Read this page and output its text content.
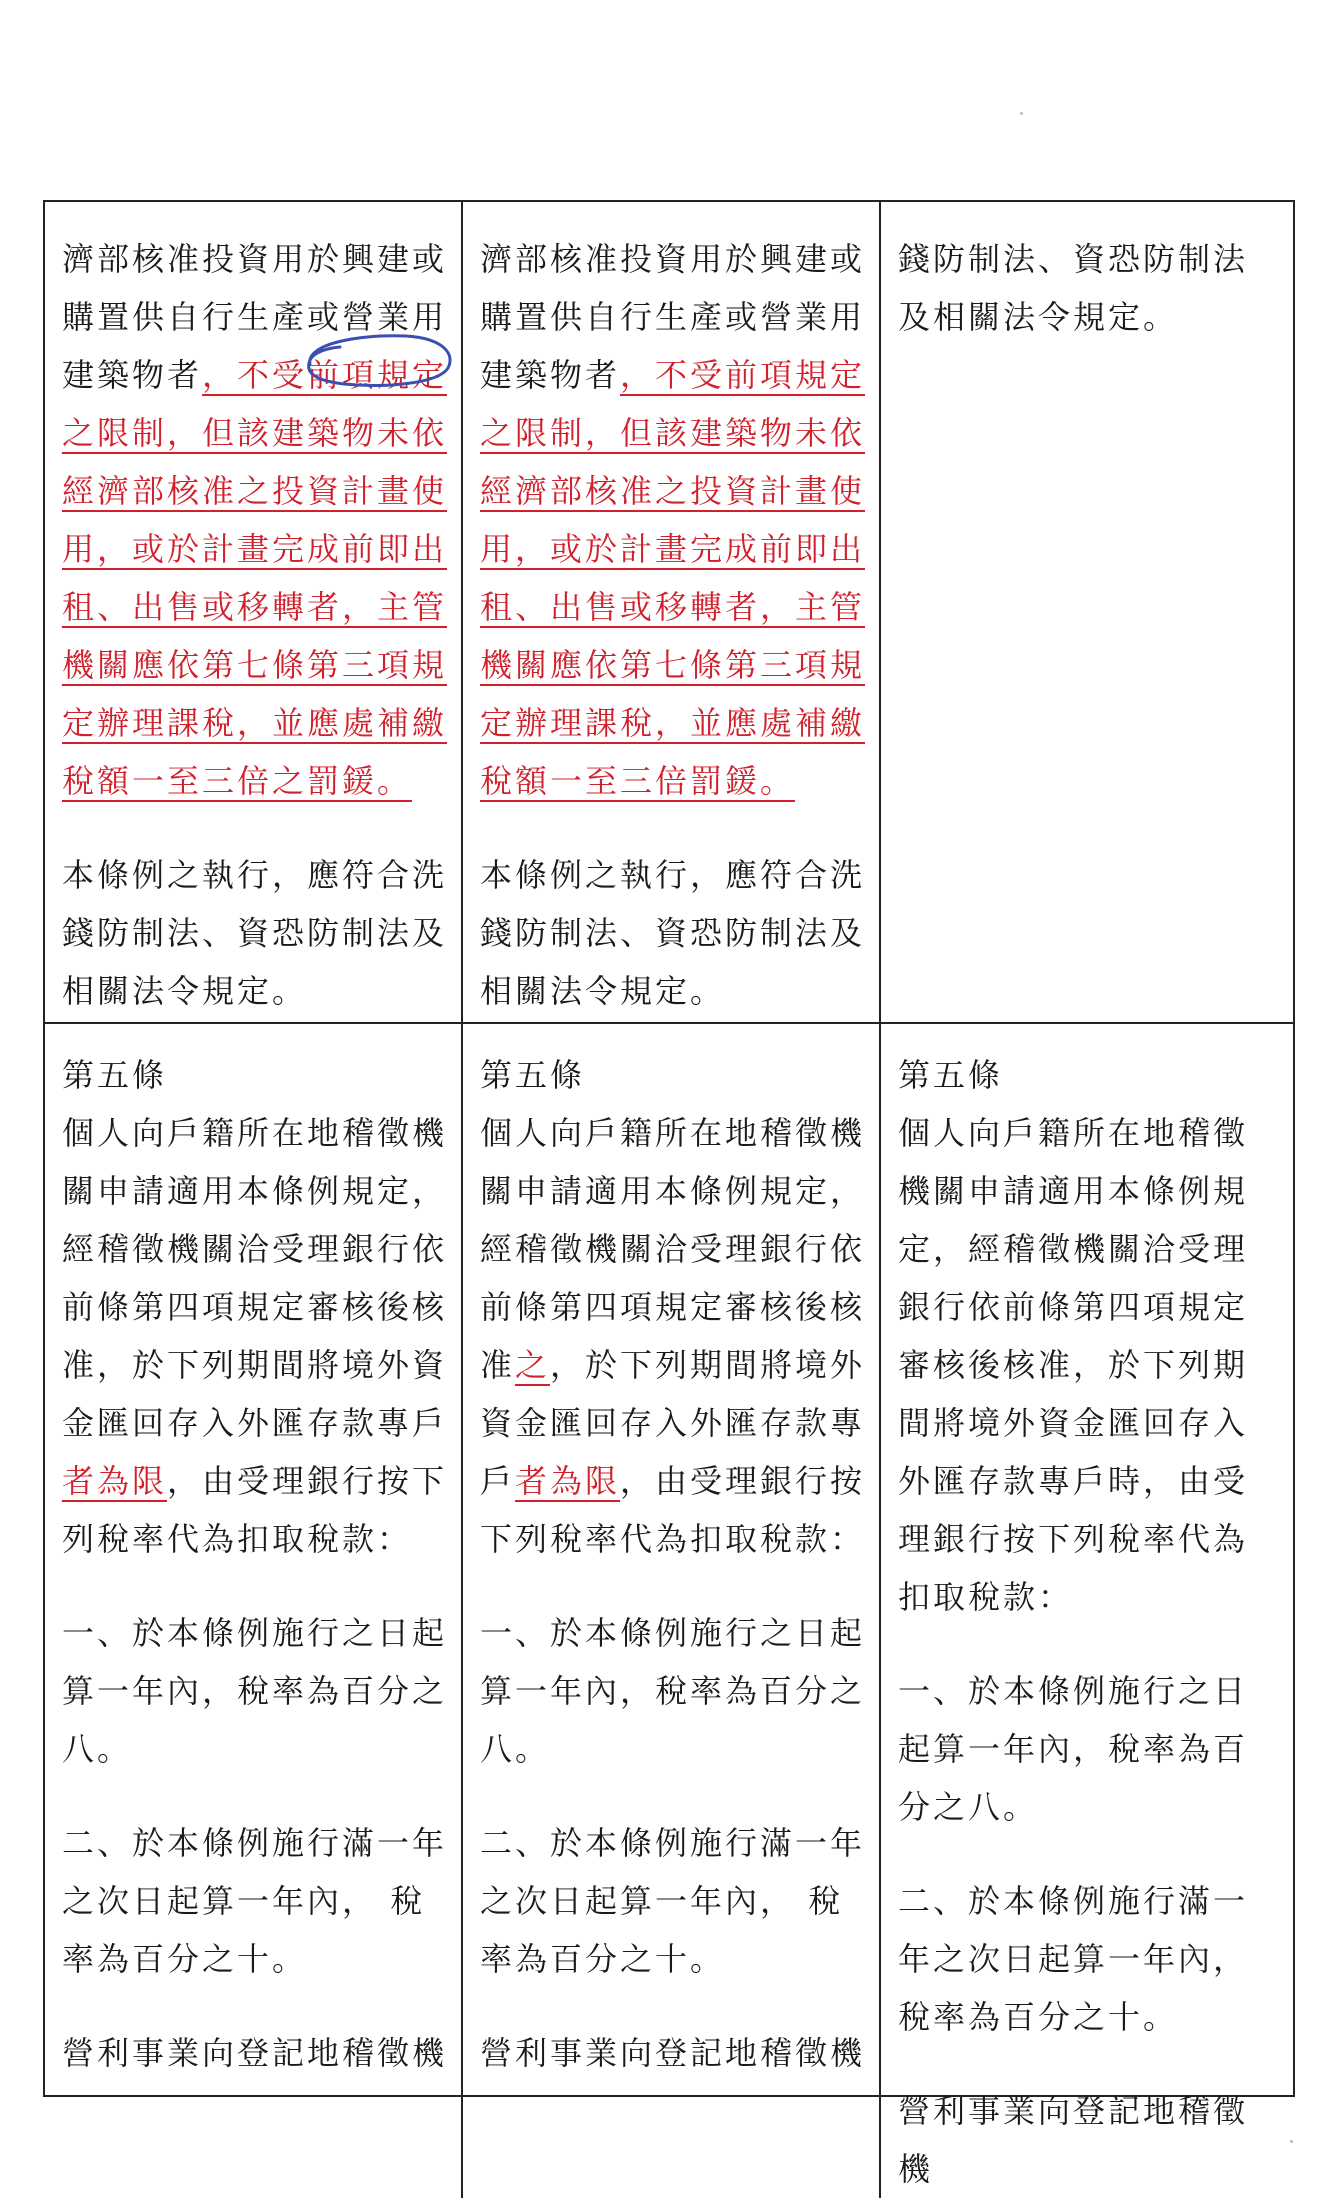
濟部核准投資用於興建或購置供自行生產或營業用建築物者，不受前項規定之限制，但該建築物未依經濟部核准之投資計畫使用，或於計畫完成前即出租、出售或移轉者，主管機關應依第七條第三項規定辦理課稅，並應處補繳稅額一至三倍之罰鍰。

本條例之執行，應符合洗錢防制法、資恐防制法及相關法令規定。

濟部核准投資用於興建或購置供自行生產或營業用建築物者，不受前項規定之限制，但該建築物未依經濟部核准之投資計畫使用，或於計畫完成前即出租、出售或移轉者，主管機關應依第七條第三項規定辦理課稅，並應處補繳稅額一至三倍罰鍰。

本條例之執行，應符合洗錢防制法、資恐防制法及相關法令規定。

錢防制法、資恐防制法及相關法令規定。

第五條

個人向戶籍所在地稽徵機關申請適用本條例規定，經稽徵機關洽受理銀行依前條第四項規定審核後核准，於下列期間將境外資金匯回存入外匯存款專戶者為限，由受理銀行按下列稅率代為扣取稅款：

一、於本條例施行之日起算一年內，稅率為百分之八。

二、於本條例施行滿一年之次日起算一年內， 稅率為百分之十。

營利事業向登記地稽徵機

第五條

個人向戶籍所在地稽徵機關申請適用本條例規定，經稽徵機關洽受理銀行依前條第四項規定審核後核准之，於下列期間將境外資金匯回存入外匯存款專戶者為限，由受理銀行按下列稅率代為扣取稅款：

一、於本條例施行之日起算一年內，稅率為百分之八。

二、於本條例施行滿一年之次日起算一年內， 稅率為百分之十。

營利事業向登記地稽徵機

第五條

個人向戶籍所在地稽徵機關申請適用本條例規定，經稽徵機關洽受理銀行依前條第四項規定審核後核准，於下列期間將境外資金匯回存入外匯存款專戶時，由受理銀行按下列稅率代為扣取稅款：

一、於本條例施行之日起算一年內，稅率為百分之八。

二、於本條例施行滿一年之次日起算一年內， 稅率為百分之十。

營利事業向登記地稽徵機
